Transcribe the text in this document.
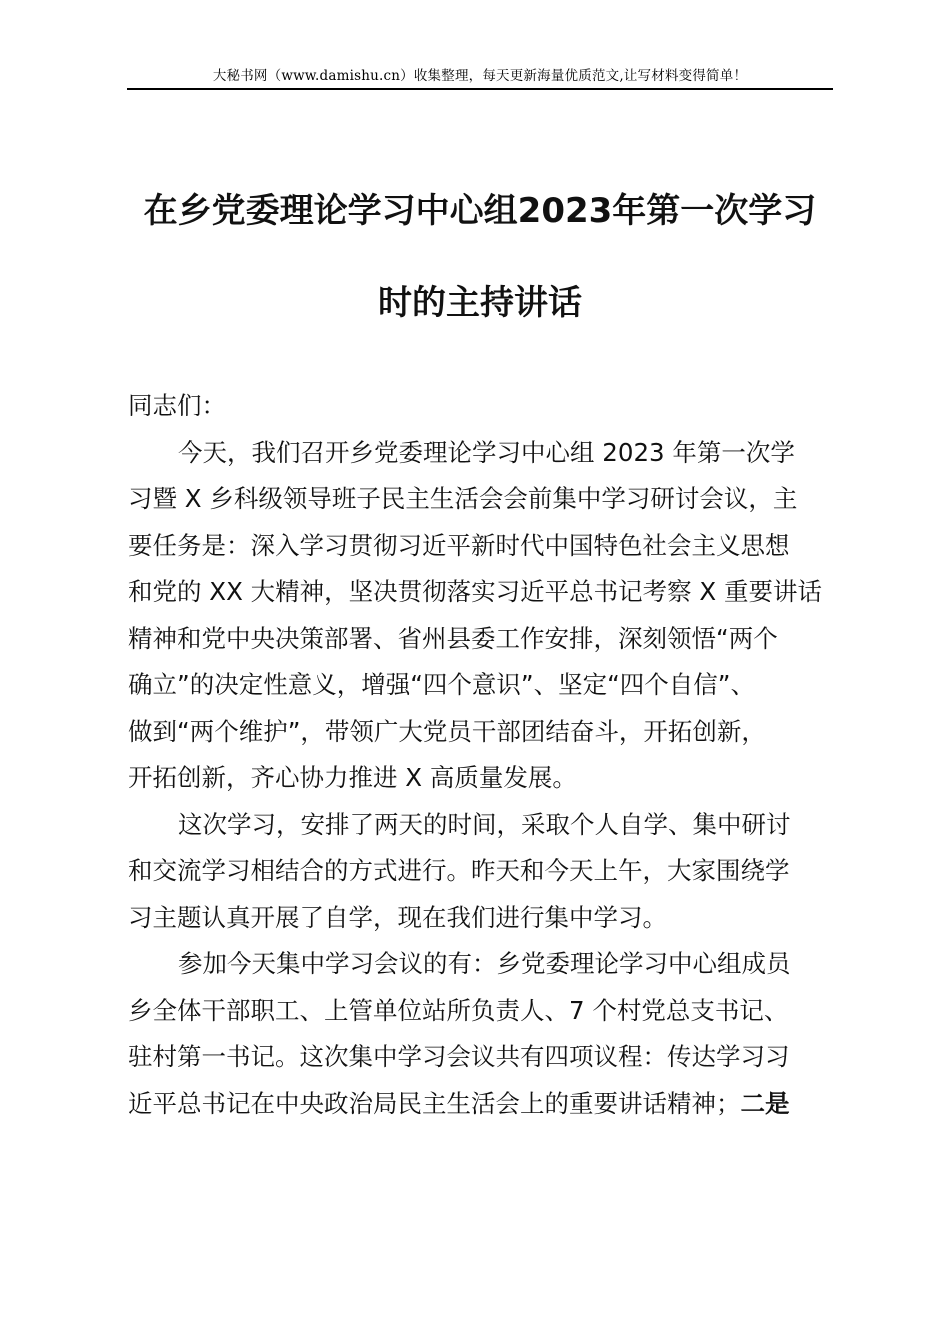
大秘书网（www.damishu.cn）收集整理，每天更新海量优质范文,让写材料变得简单！
在乡党委理论学习中心组2023年第一次学习
时的主持讲话
同志们：
今天，我们召开乡党委理论学习中心组 2023 年第一次学
习暨 X 乡科级领导班子民主生活会会前集中学习研讨会议，主
要任务是：深入学习贯彻习近平新时代中国特色社会主义思想
和党的 XX 大精神，坚决贯彻落实习近平总书记考察 X 重要讲话
精神和党中央决策部署、省州县委工作安排，深刻领悟“两个
确立”的决定性意义，增强“四个意识”、坚定“四个自信”、
做到“两个维护”，带领广大党员干部团结奋斗，开拓创新，
开拓创新，齐心协力推进 X 高质量发展。
这次学习，安排了两天的时间，采取个人自学、集中研讨
和交流学习相结合的方式进行。昨天和今天上午，大家围绕学
习主题认真开展了自学，现在我们进行集中学习。
参加今天集中学习会议的有：乡党委理论学习中心组成员
乡全体干部职工、上管单位站所负责人、7 个村党总支书记、
驻村第一书记。这次集中学习会议共有四项议程：传达学习习
近平总书记在中央政治局民主生活会上的重要讲话精神；二是
